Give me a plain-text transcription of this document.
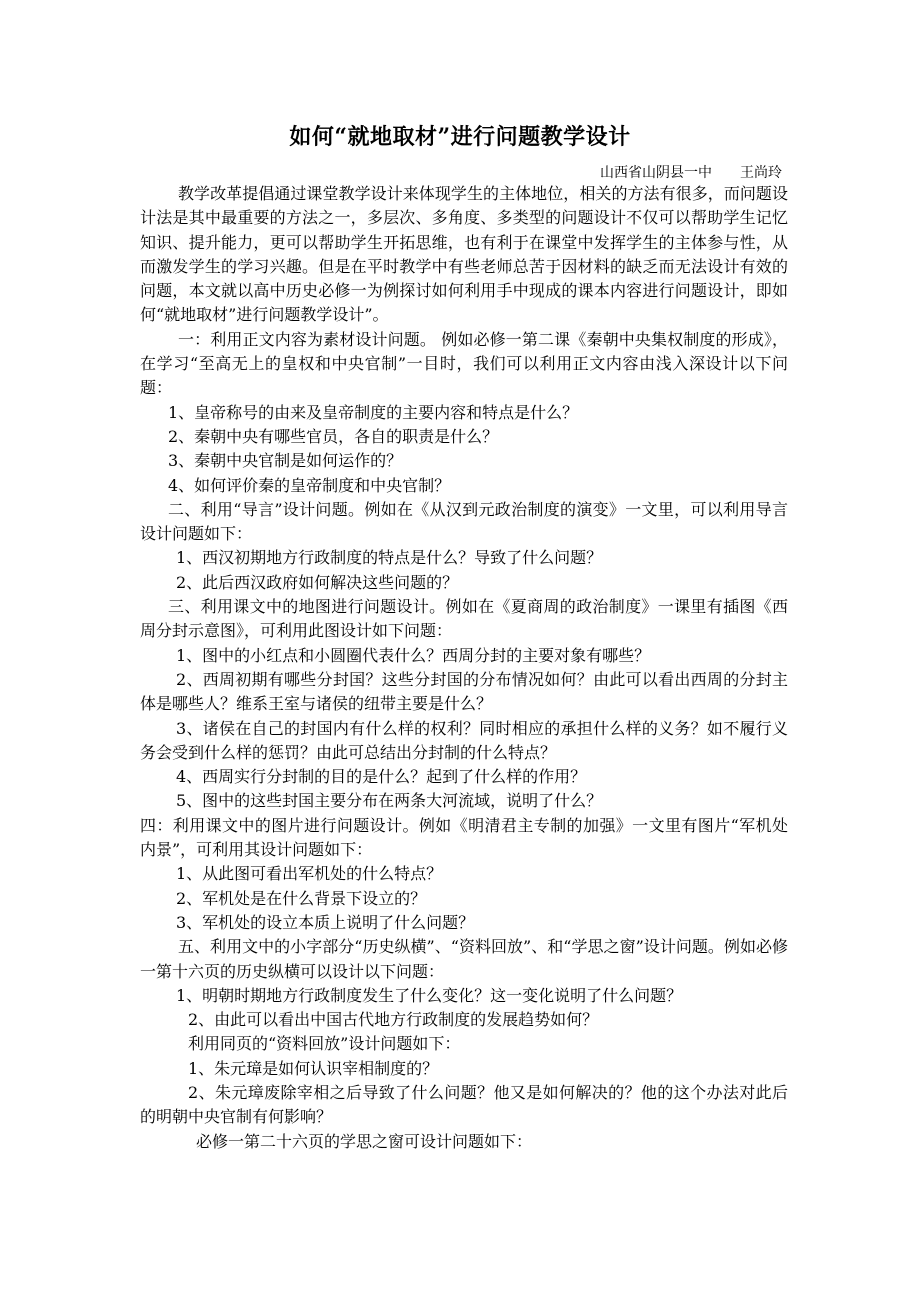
如何“就地取材”进行问题教学设计
山西省山阴县一中 王尚玲

教学改革提倡通过课堂教学设计来体现学生的主体地位，相关的方法有很多，而问题设计法是其中最重要的方法之一，多层次、多角度、多类型的问题设计不仅可以帮助学生记忆知识、提升能力，更可以帮助学生开拓思维，也有利于在课堂中发挥学生的主体参与性，从而激发学生的学习兴趣。但是在平时教学中有些老师总苦于因材料的缺乏而无法设计有效的问题，本文就以高中历史必修一为例探讨如何利用手中现成的课本内容进行问题设计，即如何“就地取材”进行问题教学设计”。

一：利用正文内容为素材设计问题。 例如必修一第二课《秦朝中央集权制度的形成》，在学习“至高无上的皇权和中央官制”一目时，我们可以利用正文内容由浅入深设计以下问题：

1、皇帝称号的由来及皇帝制度的主要内容和特点是什么？

2、秦朝中央有哪些官员，各自的职责是什么？

3、秦朝中央官制是如何运作的？

4、如何评价秦的皇帝制度和中央官制？

二、利用“导言”设计问题。例如在《从汉到元政治制度的演变》一文里，可以利用导言设计问题如下：

1、西汉初期地方行政制度的特点是什么？导致了什么问题？

2、此后西汉政府如何解决这些问题的？

三、利用课文中的地图进行问题设计。例如在《夏商周的政治制度》一课里有插图《西周分封示意图》，可利用此图设计如下问题：

1、图中的小红点和小圆圈代表什么？西周分封的主要对象有哪些？

2、西周初期有哪些分封国？这些分封国的分布情况如何？由此可以看出西周的分封主体是哪些人？维系王室与诸侯的纽带主要是什么？

3、诸侯在自己的封国内有什么样的权利？同时相应的承担什么样的义务？如不履行义务会受到什么样的惩罚？由此可总结出分封制的什么特点？

4、西周实行分封制的目的是什么？起到了什么样的作用？

5、图中的这些封国主要分布在两条大河流域，说明了什么？

四：利用课文中的图片进行问题设计。例如《明清君主专制的加强》一文里有图片“军机处内景”，可利用其设计问题如下：

1、从此图可看出军机处的什么特点？

2、军机处是在什么背景下设立的？

3、军机处的设立本质上说明了什么问题？

五、利用文中的小字部分“历史纵横”、“资料回放”、和“学思之窗”设计问题。例如必修一第十六页的历史纵横可以设计以下问题：

1、明朝时期地方行政制度发生了什么变化？这一变化说明了什么问题？

2、由此可以看出中国古代地方行政制度的发展趋势如何？

利用同页的“资料回放”设计问题如下：

1、朱元璋是如何认识宰相制度的？

2、朱元璋废除宰相之后导致了什么问题？他又是如何解决的？他的这个办法对此后的明朝中央官制有何影响？

必修一第二十六页的学思之窗可设计问题如下：
